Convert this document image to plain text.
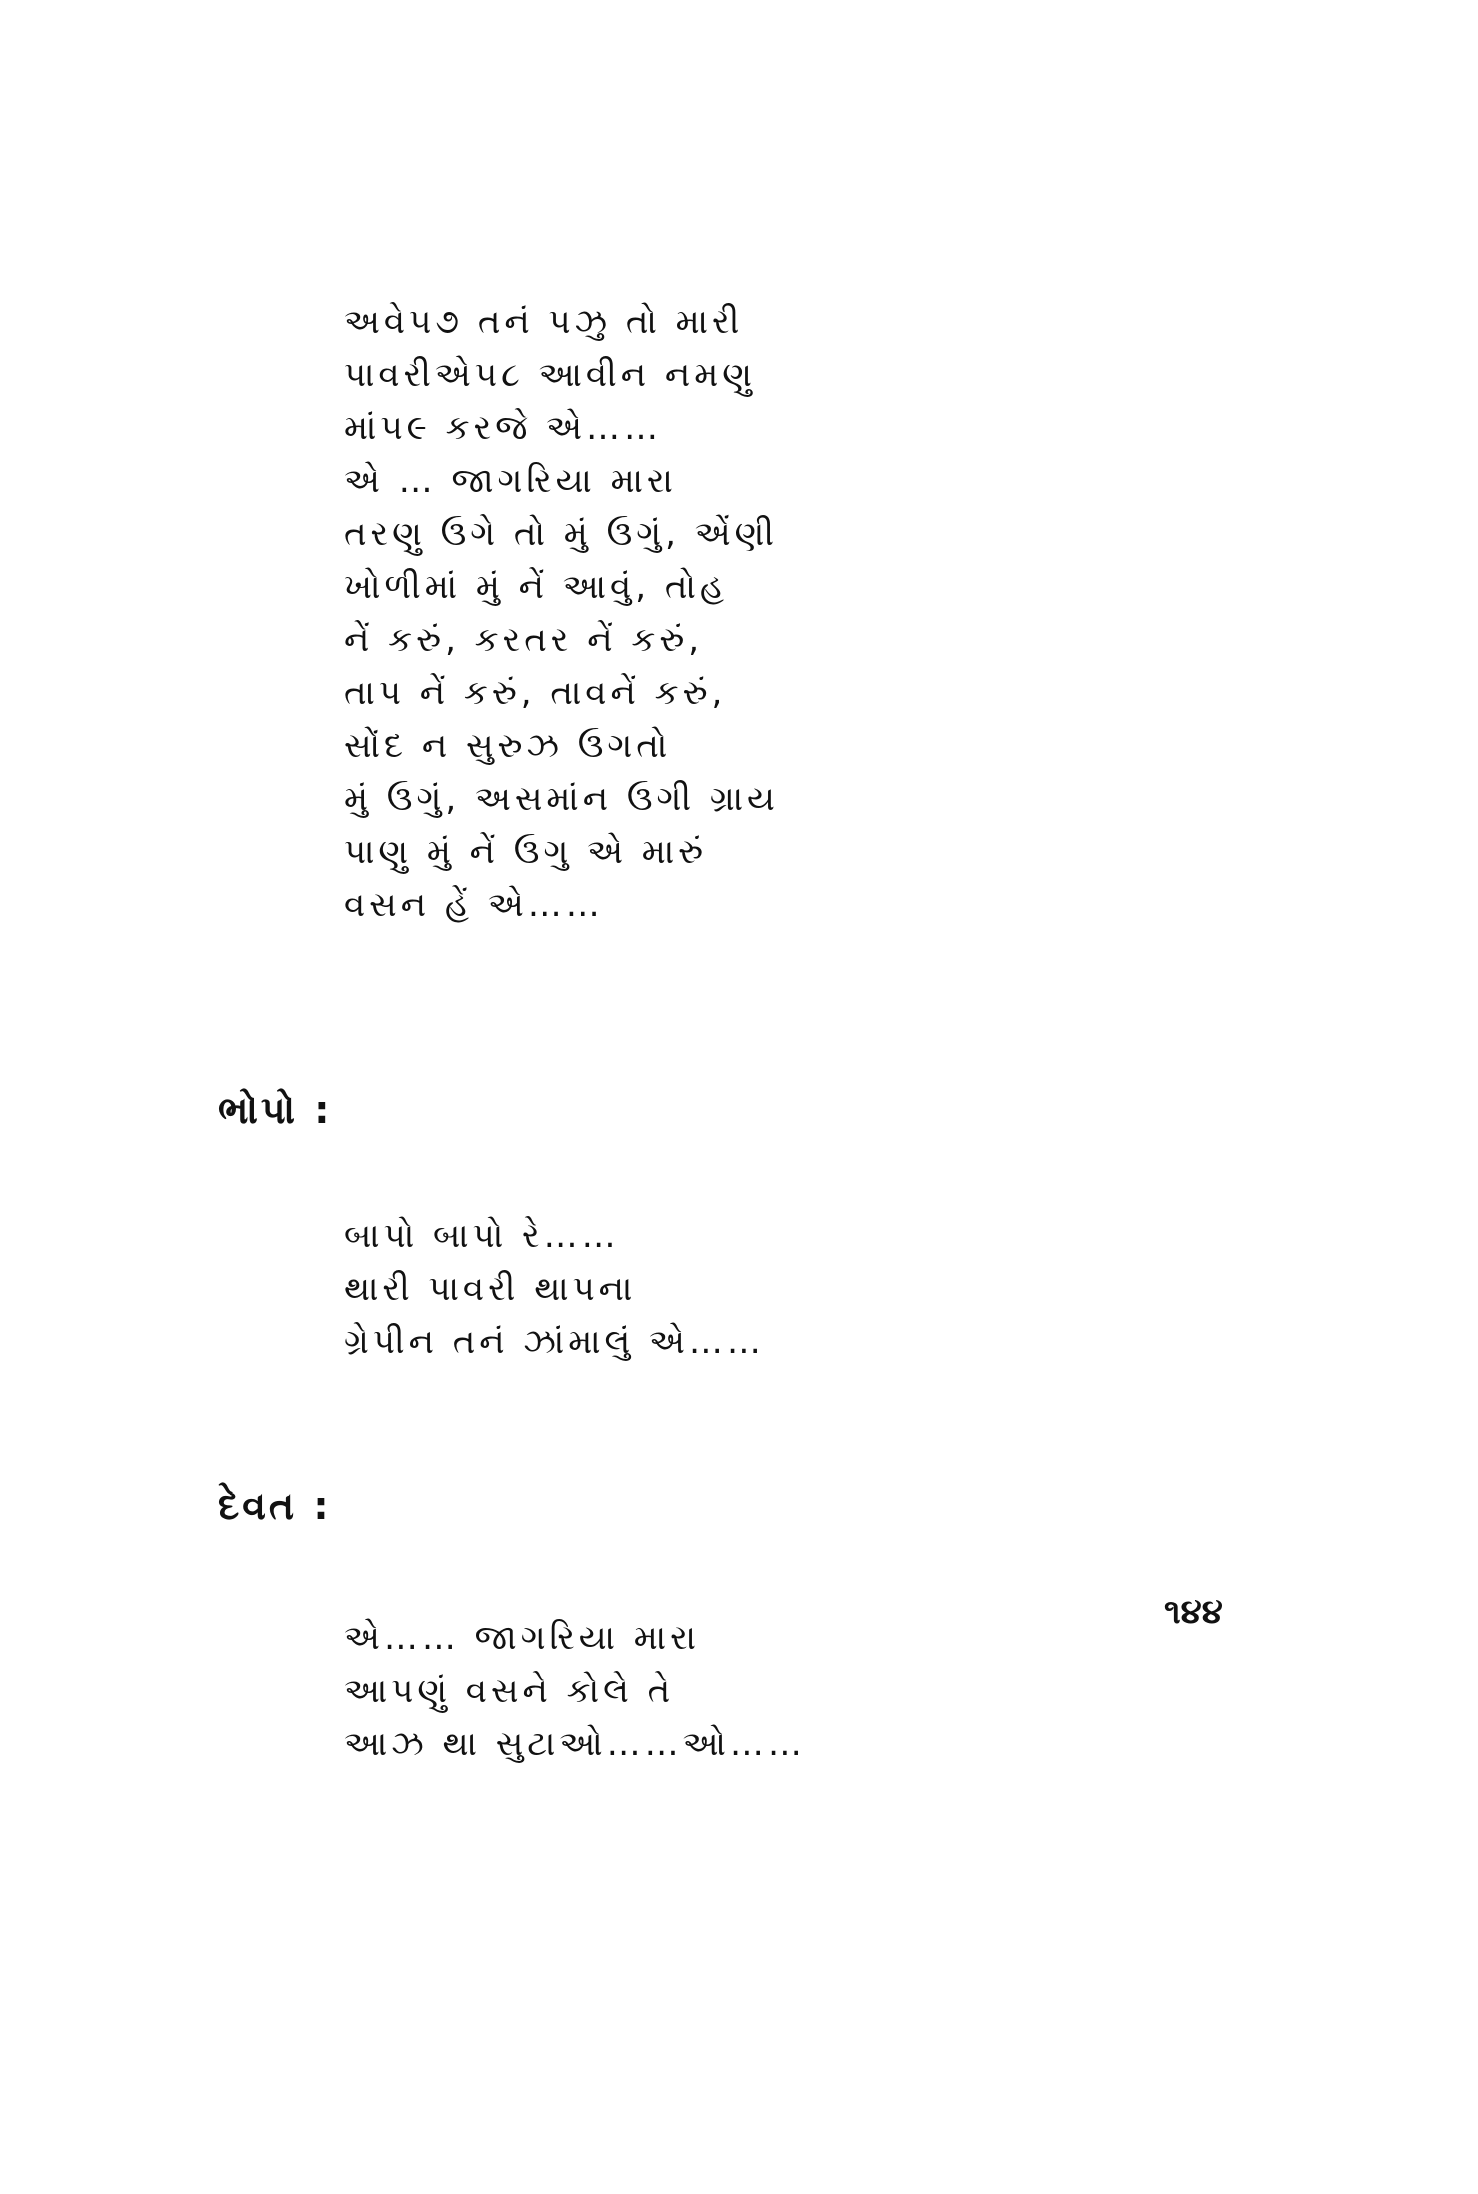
અવે૫૭ તનં પઝુ તો મારી
પાવરીએ૫૮ આવીન નમણુ
માં૫૯ કરજે એ……
એ … જાગરિયા મારા
તરણુ ઉગે તો મું ઉગું, એંણી
ખોળીમાં મું નેં આવું, તોહ
નેં કરું, કરતર નેં કરું,
તાપ નેં કરું, તાવનેં કરું,
સોંદ ન સુરુઝ ઉગતો
મું ઉગું, અસમાંન ઉગી ગ્રાય
પાણુ મું નેં ઉગુ એ મારું
વસન હેં એ……
ભોપો :
બાપો બાપો રે……
થારી પાવરી થાપના
ગ્રેપીન તનં ઝાંમાલું એ……
દેવત :
એ…… જાગરિયા મારા
આપણું વસને કોલે તે
આઝ થા સુટાઓ……ઓ……
૧૪૪
